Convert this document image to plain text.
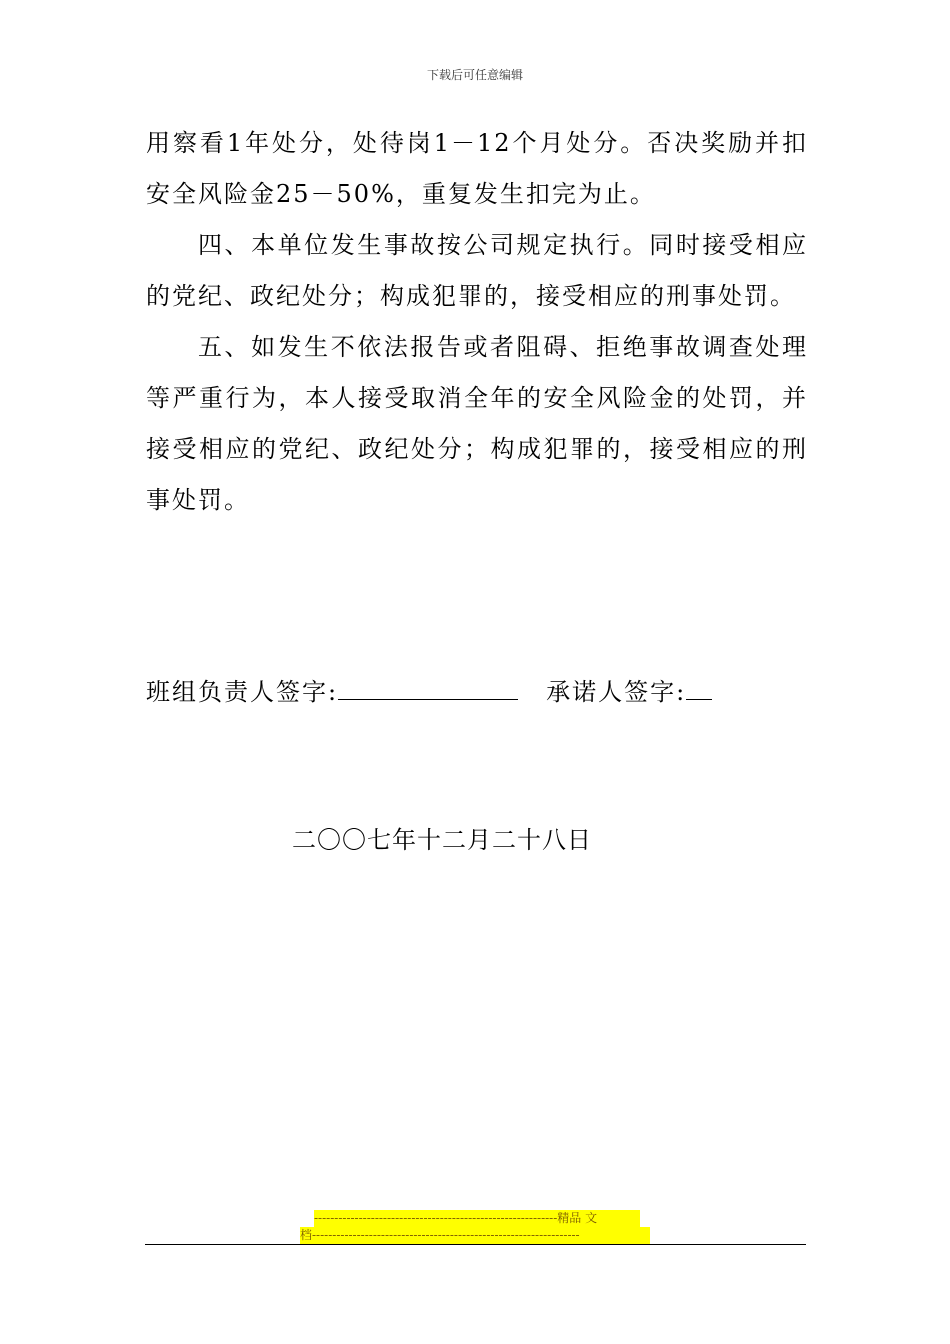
下载后可任意编辑

用察看1年处分，处待岗1－12个月处分。否决奖励并扣安全风险金25－50%，重复发生扣完为止。

四、本单位发生事故按公司规定执行。同时接受相应的党纪、政纪处分；构成犯罪的，接受相应的刑事处罚。

五、如发生不依法报告或者阻碍、拒绝事故调查处理等严重行为，本人接受取消全年的安全风险金的处罚，并接受相应的党纪、政纪处分；构成犯罪的，接受相应的刑事处罚。

班组负责人签字:	承诺人签字:
二〇〇七年十二月二十八日
------------------------------------------------------------精品 文
档------------------------------------------------------------------
